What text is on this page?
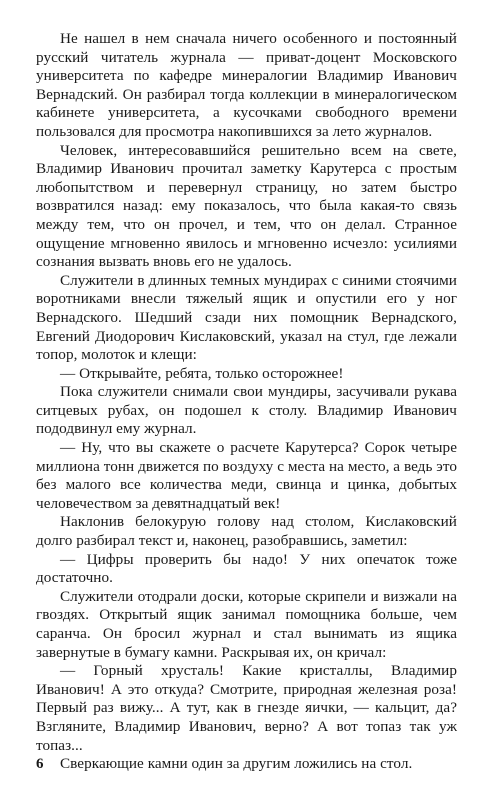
Не нашел в нем сначала ничего особенного и постоянный русский читатель журнала — приват-доцент Московского университета по кафедре минералогии Владимир Иванович Вернадский. Он разбирал тогда коллекции в минералогическом кабинете университета, а кусочками свободного времени пользовался для просмотра накопившихся за лето журналов.

Человек, интересовавшийся решительно всем на свете, Владимир Иванович прочитал заметку Карутерса с простым любопытством и перевернул страницу, но затем быстро возвратился назад: ему показалось, что была какая-то связь между тем, что он прочел, и тем, что он делал. Странное ощущение мгновенно явилось и мгновенно исчезло: усилиями сознания вызвать вновь его не удалось.

Служители в длинных темных мундирах с синими стоячими воротниками внесли тяжелый ящик и опустили его у ног Вернадского. Шедший сзади них помощник Вернадского, Евгений Диодорович Кислаковский, указал на стул, где лежали топор, молоток и клещи:

— Открывайте, ребята, только осторожнее!

Пока служители снимали свои мундиры, засучивали рукава ситцевых рубах, он подошел к столу. Владимир Иванович пододвинул ему журнал.

— Ну, что вы скажете о расчете Карутерса? Сорок четыре миллиона тонн движется по воздуху с места на место, а ведь это без малого все количества меди, свинца и цинка, добытых человечеством за девятнадцатый век!

Наклонив белокурую голову над столом, Кислаковский долго разбирал текст и, наконец, разобравшись, заметил:

— Цифры проверить бы надо! У них опечаток тоже достаточно.

Служители отодрали доски, которые скрипели и визжали на гвоздях. Открытый ящик занимал помощника больше, чем саранча. Он бросил журнал и стал вынимать из ящика завернутые в бумагу камни. Раскрывая их, он кричал:

— Горный хрусталь! Какие кристаллы, Владимир Иванович! А это откуда? Смотрите, природная железная роза! Первый раз вижу... А тут, как в гнезде яички, — кальцит, да? Взгляните, Владимир Иванович, верно? А вот топаз так уж топаз...

Сверкающие камни один за другим ложились на стол.

6
